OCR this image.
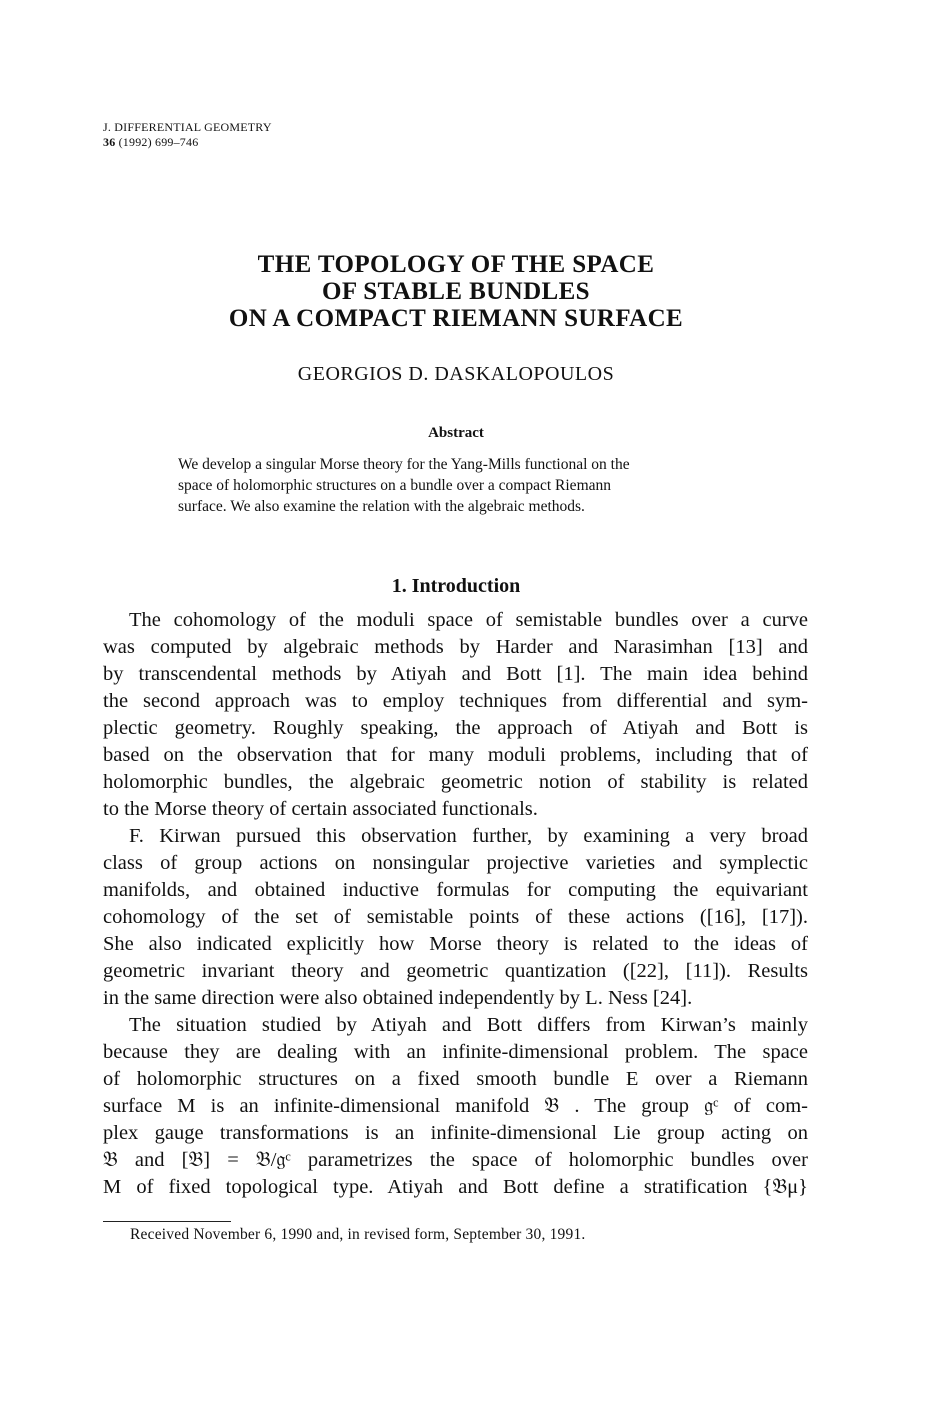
J. DIFFERENTIAL GEOMETRY
36 (1992) 699–746
THE TOPOLOGY OF THE SPACE
OF STABLE BUNDLES
ON A COMPACT RIEMANN SURFACE
GEORGIOS D. DASKALOPOULOS
Abstract
We develop a singular Morse theory for the Yang-Mills functional on the
space of holomorphic structures on a bundle over a compact Riemann
surface. We also examine the relation with the algebraic methods.
1. Introduction
The cohomology of the moduli space of semistable bundles over a curve
was computed by algebraic methods by Harder and Narasimhan [13] and
by transcendental methods by Atiyah and Bott [1]. The main idea behind
the second approach was to employ techniques from differential and sym-
plectic geometry. Roughly speaking, the approach of Atiyah and Bott is
based on the observation that for many moduli problems, including that of
holomorphic bundles, the algebraic geometric notion of stability is related
to the Morse theory of certain associated functionals.
F. Kirwan pursued this observation further, by examining a very broad
class of group actions on nonsingular projective varieties and symplectic
manifolds, and obtained inductive formulas for computing the equivariant
cohomology of the set of semistable points of these actions ([16], [17]).
She also indicated explicitly how Morse theory is related to the ideas of
geometric invariant theory and geometric quantization ([22], [11]). Results
in the same direction were also obtained independently by L. Ness [24].
The situation studied by Atiyah and Bott differs from Kirwan’s mainly
because they are dealing with an infinite-dimensional problem. The space
of holomorphic structures on a fixed smooth bundle E over a Riemann
surface M is an infinite-dimensional manifold 𝔅 . The group 𝔤ᶜ of com-
plex gauge transformations is an infinite-dimensional Lie group acting on
𝔅 and [𝔅] = 𝔅/𝔤ᶜ parametrizes the space of holomorphic bundles over
M of fixed topological type. Atiyah and Bott define a stratification {𝔅μ}
Received November 6, 1990 and, in revised form, September 30, 1991.
